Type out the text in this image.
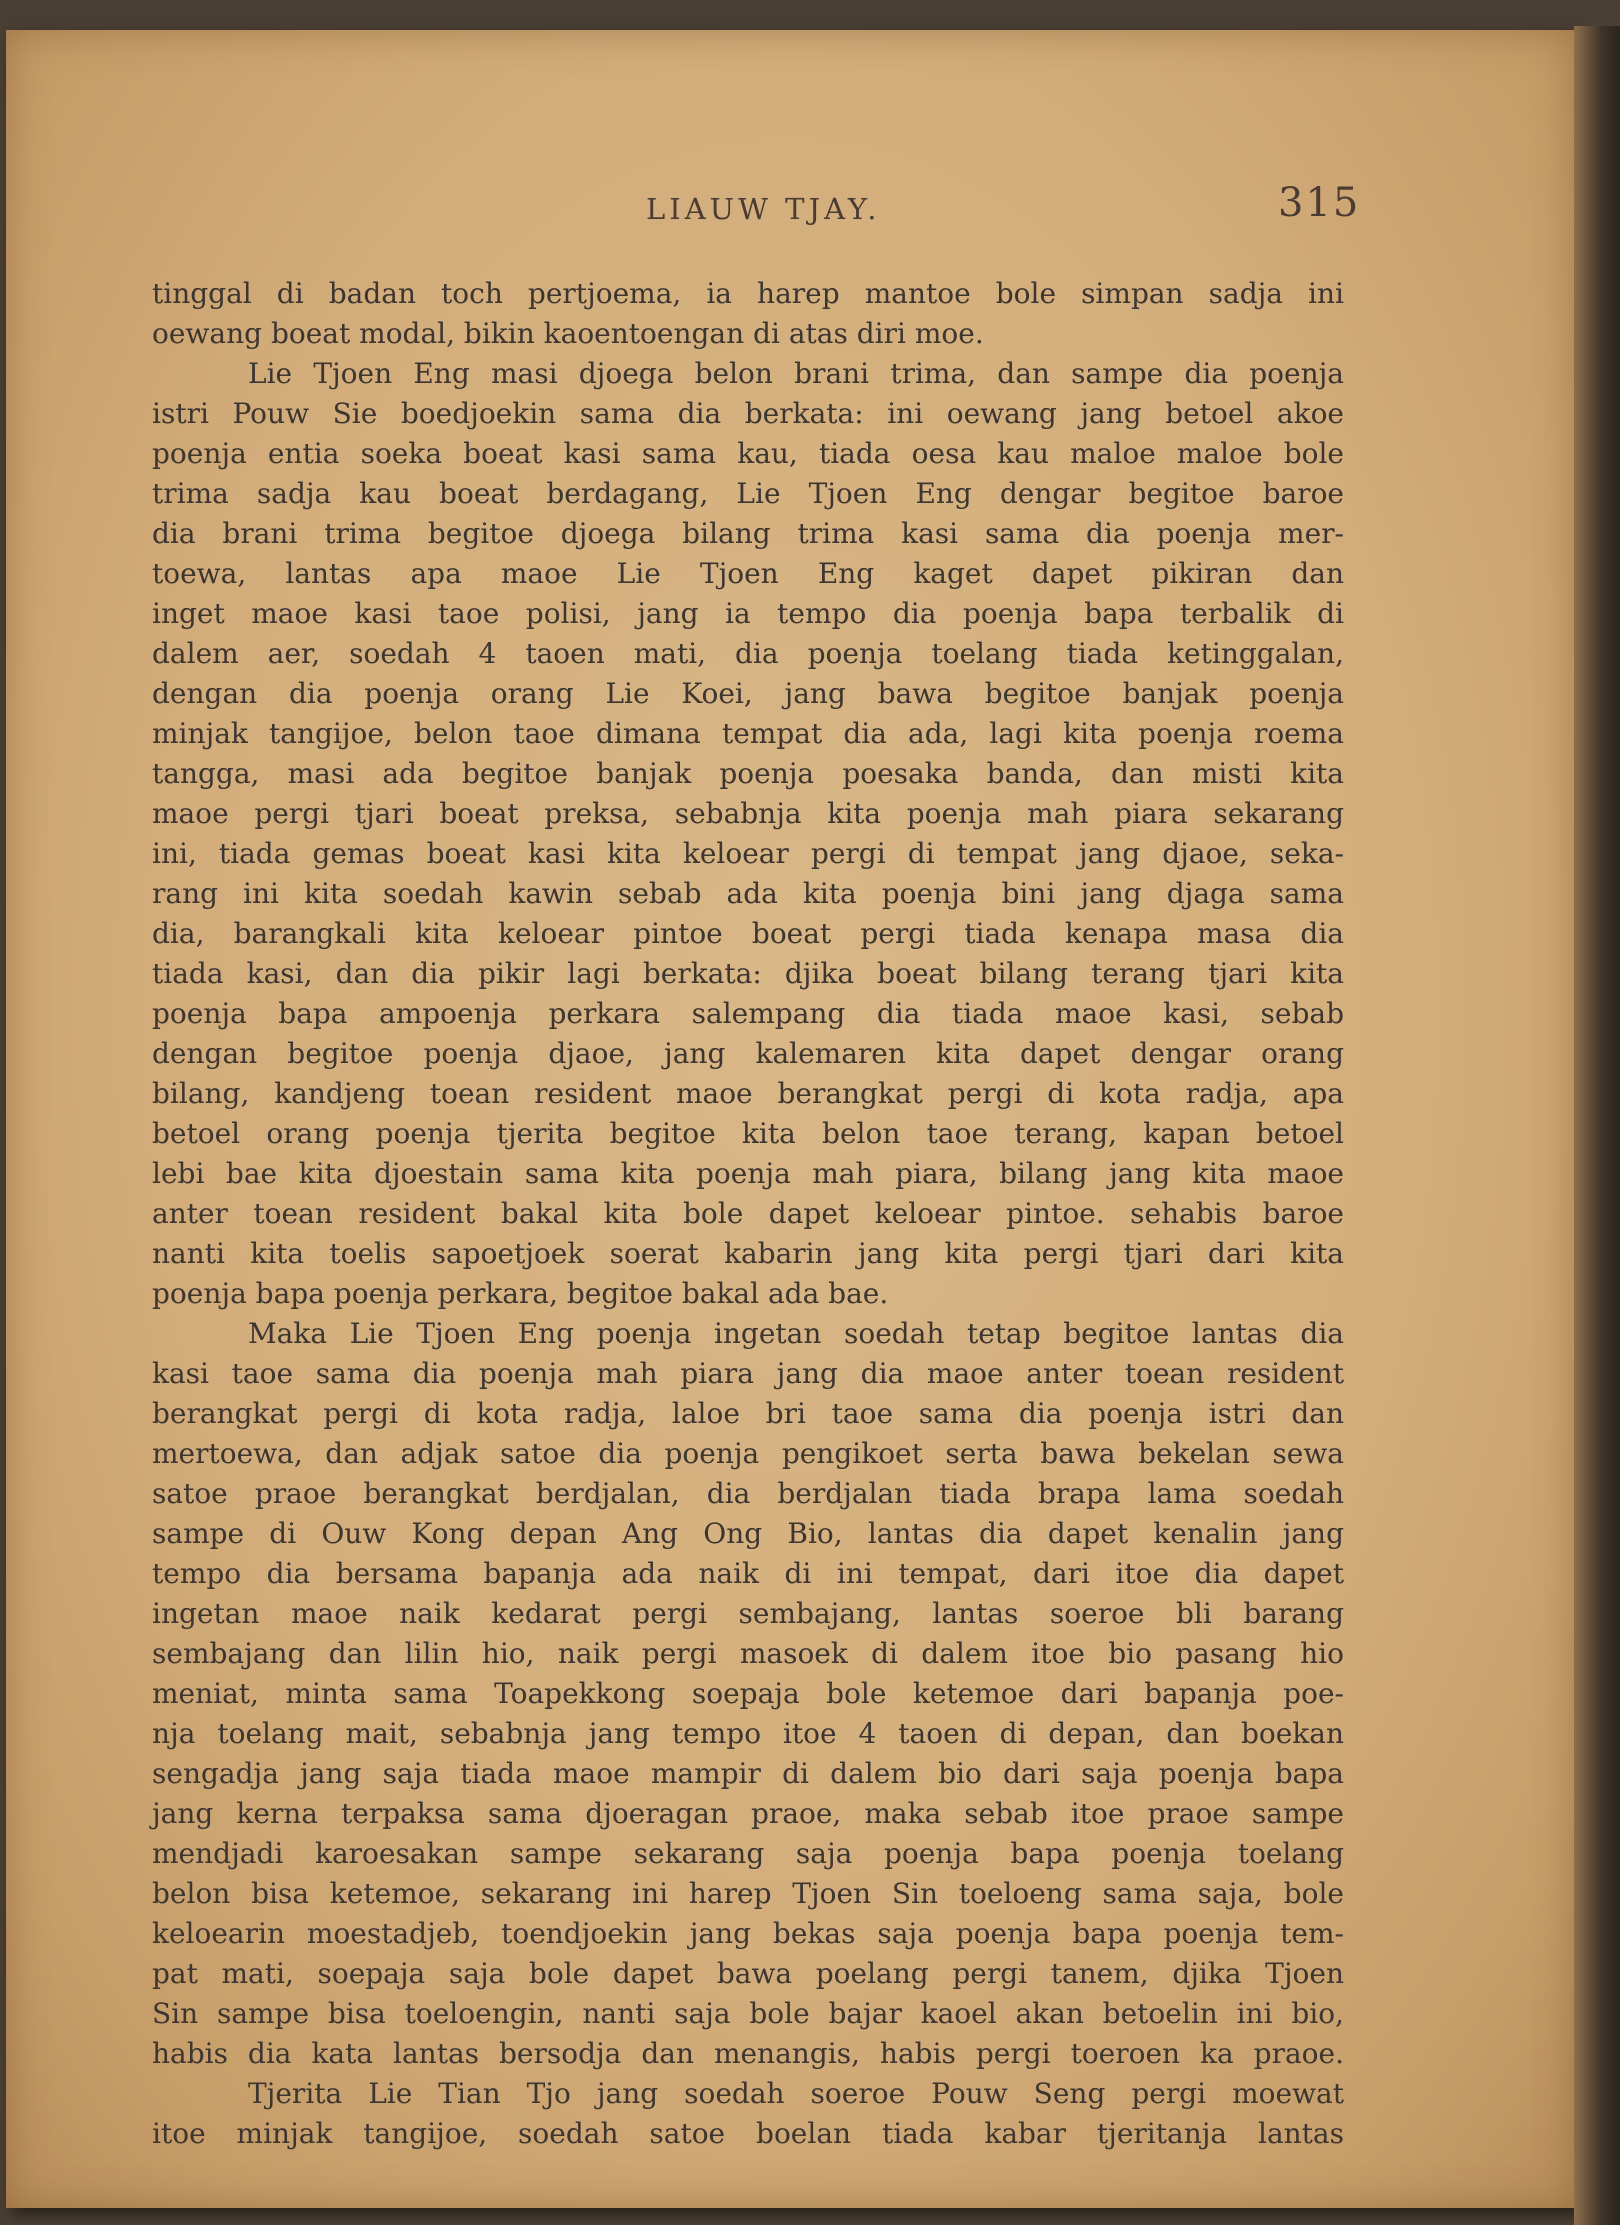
LIAUW TJAY.	315
tinggal di badan toch pertjoema, ia harep mantoe bole simpan sadja ini
oewang boeat modal, bikin kaoentoengan di atas diri moe.
Lie Tjoen Eng masi djoega belon brani trima, dan sampe dia poenja
istri Pouw Sie boedjoekin sama dia berkata: ini oewang jang betoel akoe
poenja entia soeka boeat kasi sama kau, tiada oesa kau maloe maloe bole
trima sadja kau boeat berdagang, Lie Tjoen Eng dengar begitoe baroe
dia brani trima begitoe djoega bilang trima kasi sama dia poenja mer-
toewa, lantas apa maoe Lie Tjoen Eng kaget dapet pikiran dan
inget maoe kasi taoe polisi, jang ia tempo dia poenja bapa terbalik di
dalem aer, soedah 4 taoen mati, dia poenja toelang tiada ketinggalan,
dengan dia poenja orang Lie Koei, jang bawa begitoe banjak poenja
minjak tangijoe, belon taoe dimana tempat dia ada, lagi kita poenja roema
tangga, masi ada begitoe banjak poenja poesaka banda, dan misti kita
maoe pergi tjari boeat preksa, sebabnja kita poenja mah piara sekarang
ini, tiada gemas boeat kasi kita keloear pergi di tempat jang djaoe, seka-
rang ini kita soedah kawin sebab ada kita poenja bini jang djaga sama
dia, barangkali kita keloear pintoe boeat pergi tiada kenapa masa dia
tiada kasi, dan dia pikir lagi berkata: djika boeat bilang terang tjari kita
poenja bapa ampoenja perkara salempang dia tiada maoe kasi, sebab
dengan begitoe poenja djaoe, jang kalemaren kita dapet dengar orang
bilang, kandjeng toean resident maoe berangkat pergi di kota radja, apa
betoel orang poenja tjerita begitoe kita belon taoe terang, kapan betoel
lebi bae kita djoestain sama kita poenja mah piara, bilang jang kita maoe
anter toean resident bakal kita bole dapet keloear pintoe. sehabis baroe
nanti kita toelis sapoetjoek soerat kabarin jang kita pergi tjari dari kita
poenja bapa poenja perkara, begitoe bakal ada bae.
Maka Lie Tjoen Eng poenja ingetan soedah tetap begitoe lantas dia
kasi taoe sama dia poenja mah piara jang dia maoe anter toean resident
berangkat pergi di kota radja, laloe bri taoe sama dia poenja istri dan
mertoewa, dan adjak satoe dia poenja pengikoet serta bawa bekelan sewa
satoe praoe berangkat berdjalan, dia berdjalan tiada brapa lama soedah
sampe di Ouw Kong depan Ang Ong Bio, lantas dia dapet kenalin jang
tempo dia bersama bapanja ada naik di ini tempat, dari itoe dia dapet
ingetan maoe naik kedarat pergi sembajang, lantas soeroe bli barang
sembajang dan lilin hio, naik pergi masoek di dalem itoe bio pasang hio
meniat, minta sama Toapekkong soepaja bole ketemoe dari bapanja poe-
nja toelang mait, sebabnja jang tempo itoe 4 taoen di depan, dan boekan
sengadja jang saja tiada maoe mampir di dalem bio dari saja poenja bapa
jang kerna terpaksa sama djoeragan praoe, maka sebab itoe praoe sampe
mendjadi karoesakan sampe sekarang saja poenja bapa poenja toelang
belon bisa ketemoe, sekarang ini harep Tjoen Sin toeloeng sama saja, bole
keloearin moestadjeb, toendjoekin jang bekas saja poenja bapa poenja tem-
pat mati, soepaja saja bole dapet bawa poelang pergi tanem, djika Tjoen
Sin sampe bisa toeloengin, nanti saja bole bajar kaoel akan betoelin ini bio,
habis dia kata lantas bersodja dan menangis, habis pergi toeroen ka praoe.
Tjerita Lie Tian Tjo jang soedah soeroe Pouw Seng pergi moewat
itoe minjak tangijoe, soedah satoe boelan tiada kabar tjeritanja lantas
